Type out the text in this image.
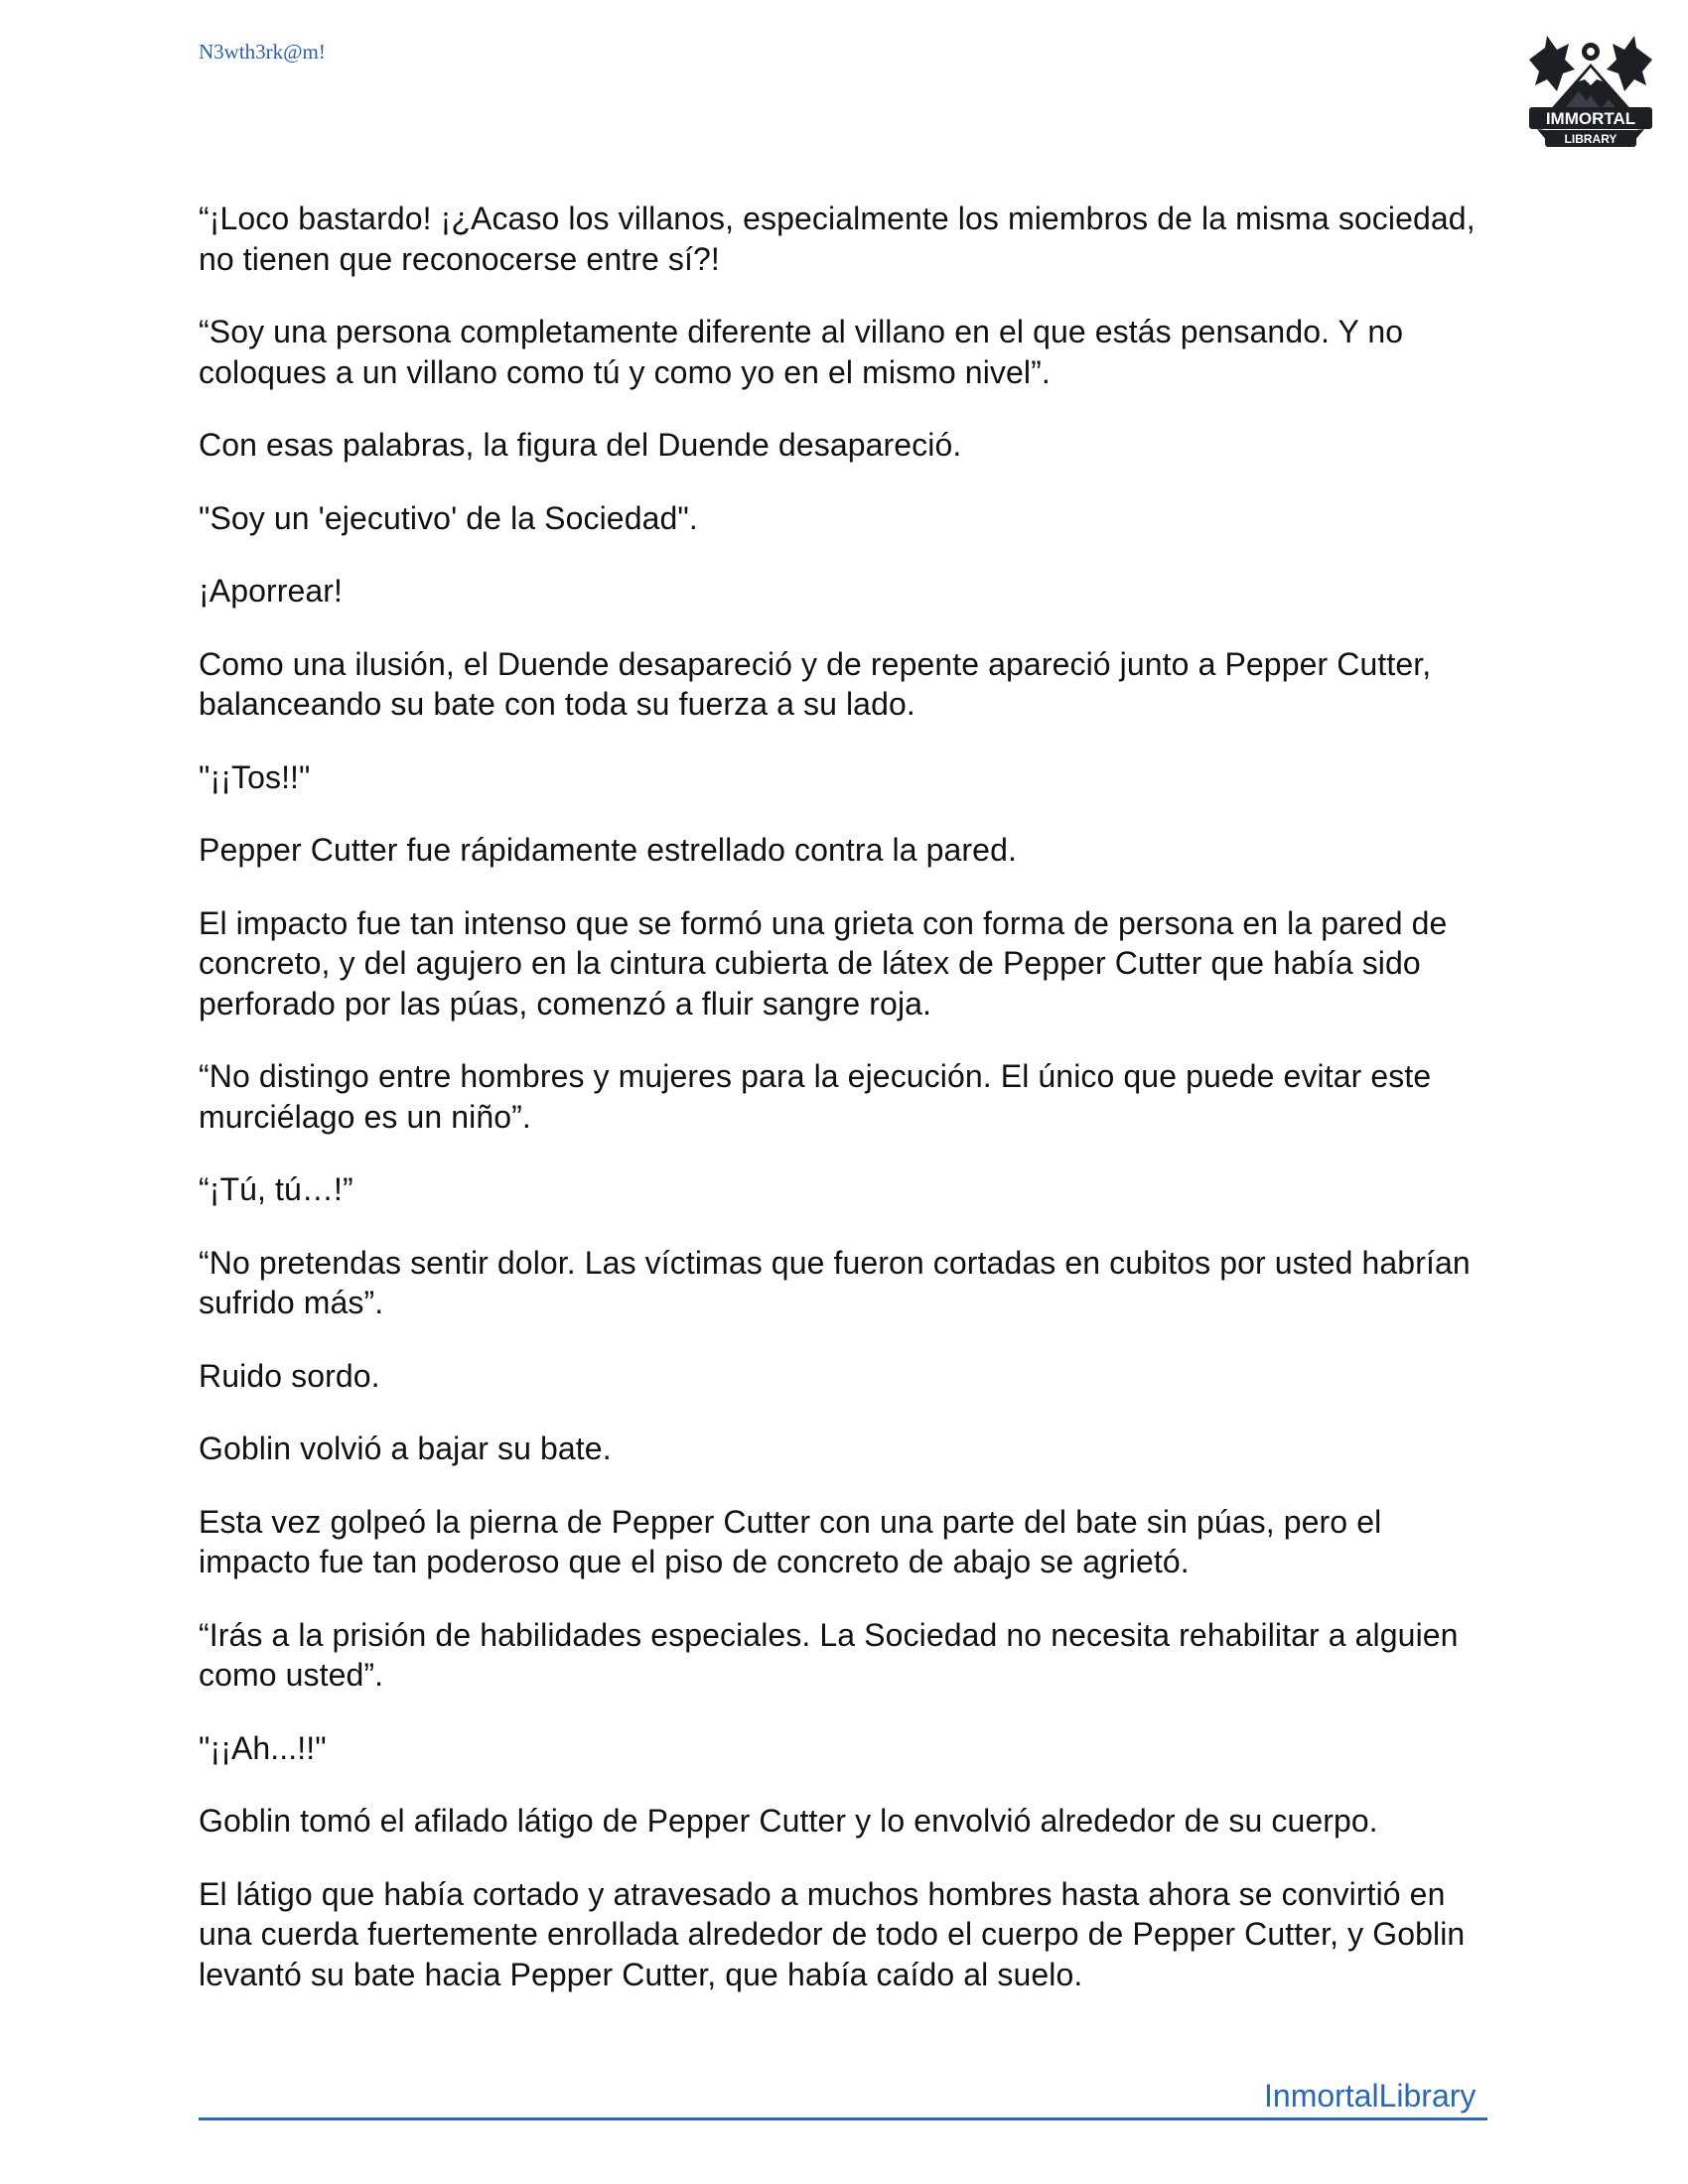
N3wth3rk@m!
IMMORTAL
LIBRARY

“¡Loco bastardo! ¡¿Acaso los villanos, especialmente los miembros de la misma sociedad, no tienen que reconocerse entre sí?!

“Soy una persona completamente diferente al villano en el que estás pensando. Y no coloques a un villano como tú y como yo en el mismo nivel”.

Con esas palabras, la figura del Duende desapareció.

"Soy un 'ejecutivo' de la Sociedad".

¡Aporrear!

Como una ilusión, el Duende desapareció y de repente apareció junto a Pepper Cutter, balanceando su bate con toda su fuerza a su lado.

"¡¡Tos!!"

Pepper Cutter fue rápidamente estrellado contra la pared.

El impacto fue tan intenso que se formó una grieta con forma de persona en la pared de concreto, y del agujero en la cintura cubierta de látex de Pepper Cutter que había sido perforado por las púas, comenzó a fluir sangre roja.

“No distingo entre hombres y mujeres para la ejecución. El único que puede evitar este murciélago es un niño”.

“¡Tú, tú…!”

“No pretendas sentir dolor. Las víctimas que fueron cortadas en cubitos por usted habrían sufrido más”.

Ruido sordo.

Goblin volvió a bajar su bate.

Esta vez golpeó la pierna de Pepper Cutter con una parte del bate sin púas, pero el impacto fue tan poderoso que el piso de concreto de abajo se agrietó.

“Irás a la prisión de habilidades especiales. La Sociedad no necesita rehabilitar a alguien como usted”.

"¡¡Ah...!!"

Goblin tomó el afilado látigo de Pepper Cutter y lo envolvió alrededor de su cuerpo.

El látigo que había cortado y atravesado a muchos hombres hasta ahora se convirtió en una cuerda fuertemente enrollada alrededor de todo el cuerpo de Pepper Cutter, y Goblin levantó su bate hacia Pepper Cutter, que había caído al suelo.

InmortalLibrary
